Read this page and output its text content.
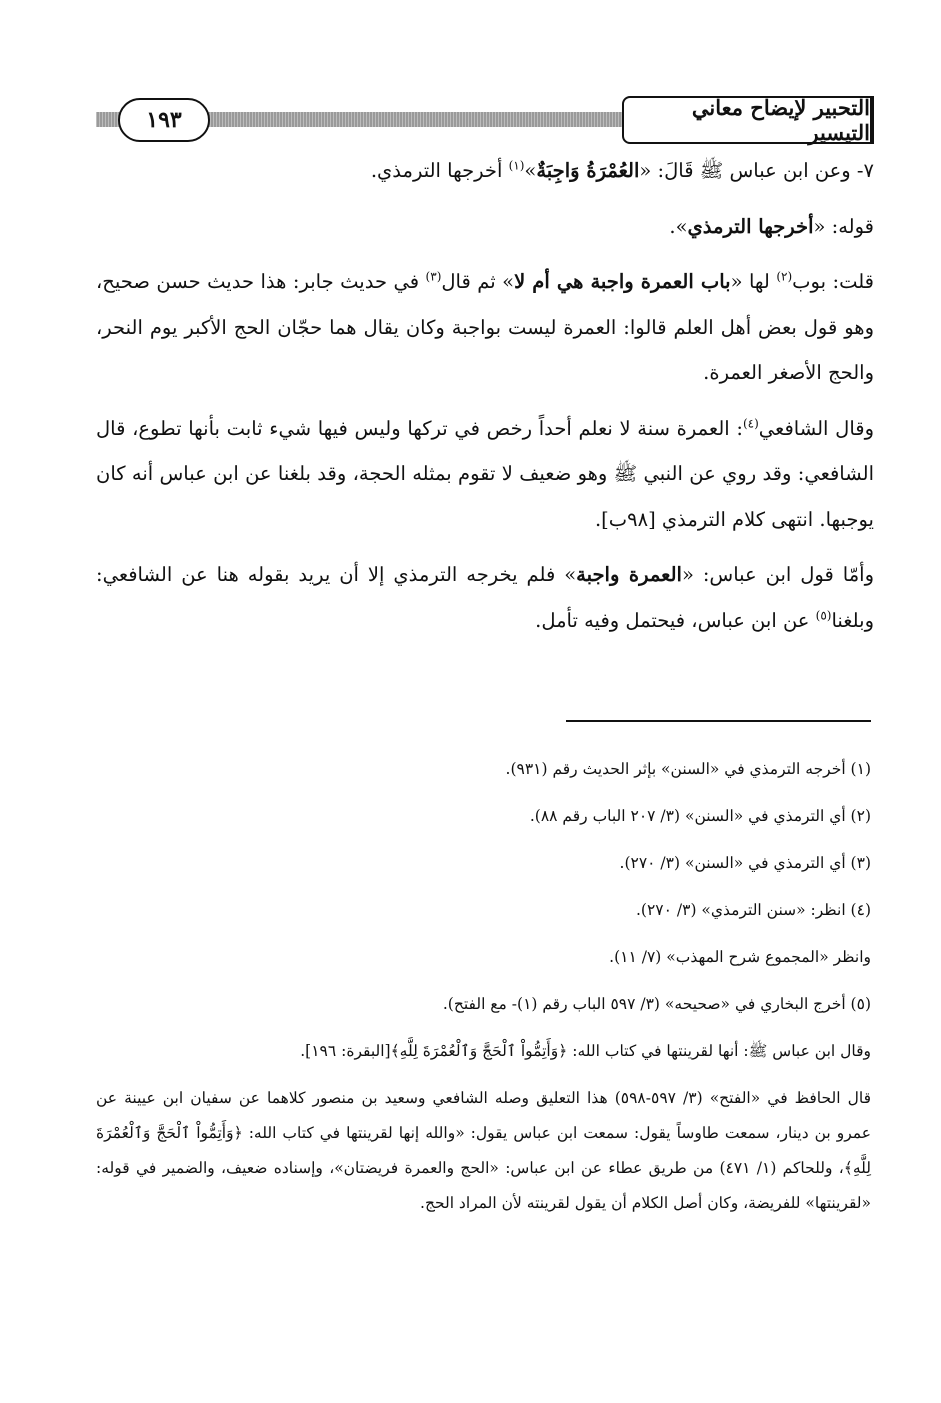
١٩٣	التحبير لإيضاح معاني التيسير

٧- وعن ابن عباس ﷺ قَالَ: «العُمْرَةُ وَاجِبَةٌ»$^{(١)}$ أخرجها الترمذي.

قوله: «أخرجها الترمذي».

قلت: بوب$^{(٢)}$ لها «باب العمرة واجبة هي أم لا» ثم قال$^{(٣)}$ في حديث جابر: هذا حديث حسن صحيح، وهو قول بعض أهل العلم قالوا: العمرة ليست بواجبة وكان يقال هما حجّان الحج الأكبر يوم النحر، والحج الأصغر العمرة.

وقال الشافعي$^{(٤)}$: العمرة سنة لا نعلم أحداً رخص في تركها وليس فيها شيء ثابت بأنها تطوع، قال الشافعي: وقد روي عن النبي ﷺ وهو ضعيف لا تقوم بمثله الحجة، وقد بلغنا عن ابن عباس أنه كان يوجبها. انتهى كلام الترمذي [٩٨ب].

وأمّا قول ابن عباس: «العمرة واجبة» فلم يخرجه الترمذي إلا أن يريد بقوله هنا عن الشافعي: وبلغنا$^{(٥)}$ عن ابن عباس، فيحتمل وفيه تأمل.

(١) أخرجه الترمذي في «السنن» بإثر الحديث رقم (٩٣١).

(٢) أي الترمذي في «السنن» (٣/ ٢٠٧ الباب رقم ٨٨).

(٣) أي الترمذي في «السنن» (٣/ ٢٧٠).

(٤) انظر: «سنن الترمذي» (٣/ ٢٧٠).

وانظر «المجموع شرح المهذب» (٧/ ١١).

(٥) أخرج البخاري في «صحيحه» (٣/ ٥٩٧ الباب رقم (١)- مع الفتح).

وقال ابن عباس ﷺ: أنها لقرينتها في كتاب الله: ﴿وَأَتِمُّواْ ٱلْحَجَّ وَٱلْعُمْرَةَ لِلَّهِ﴾[البقرة: ١٩٦].

قال الحافظ في «الفتح» (٣/ ٥٩٧-٥٩٨) هذا التعليق وصله الشافعي وسعيد بن منصور كلاهما عن سفيان ابن عيينة عن عمرو بن دينار، سمعت طاوساً يقول: سمعت ابن عباس يقول: «والله إنها لقرينتها في كتاب الله: ﴿وَأَتِمُّواْ ٱلْحَجَّ وَٱلْعُمْرَةَ لِلَّهِ﴾، وللحاكم (١/ ٤٧١) من طريق عطاء عن ابن عباس: «الحج والعمرة فريضتان»، وإسناده ضعيف، والضمير في قوله: «لقرينتها» للفريضة، وكان أصل الكلام أن يقول لقرينته لأن المراد الحج.
